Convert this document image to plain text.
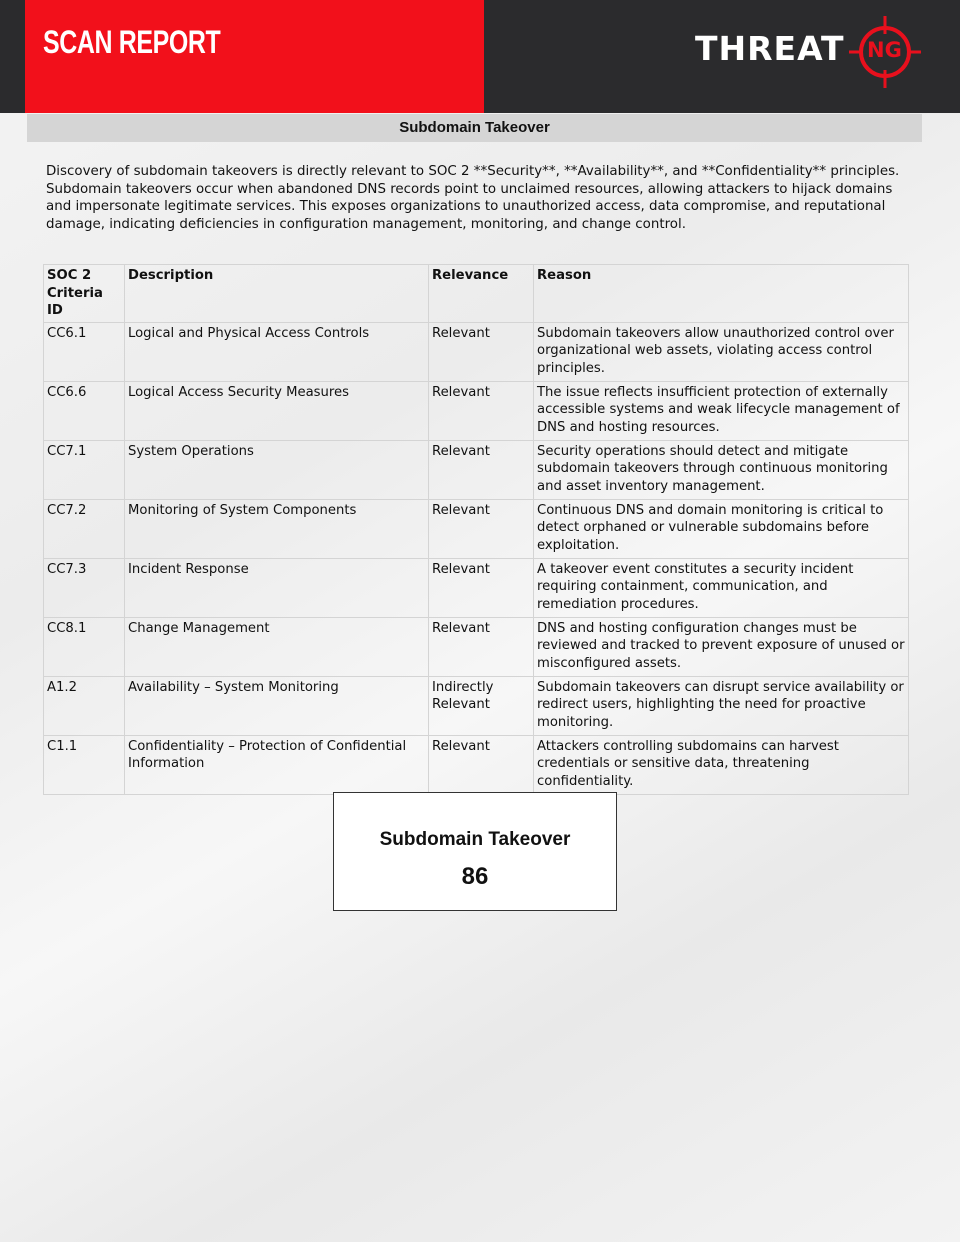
SCAN REPORT	THREAT NG
Subdomain Takeover
Discovery of subdomain takeovers is directly relevant to SOC 2 **Security**, **Availability**, and **Confidentiality** principles. Subdomain takeovers occur when abandoned DNS records point to unclaimed resources, allowing attackers to hijack domains and impersonate legitimate services. This exposes organizations to unauthorized access, data compromise, and reputational damage, indicating deficiencies in configuration management, monitoring, and change control.
SOC 2 Criteria ID	Description	Relevance	Reason
CC6.1	Logical and Physical Access Controls	Relevant	Subdomain takeovers allow unauthorized control over organizational web assets, violating access control principles.
CC6.6	Logical Access Security Measures	Relevant	The issue reflects insufficient protection of externally accessible systems and weak lifecycle management of DNS and hosting resources.
CC7.1	System Operations	Relevant	Security operations should detect and mitigate subdomain takeovers through continuous monitoring and asset inventory management.
CC7.2	Monitoring of System Components	Relevant	Continuous DNS and domain monitoring is critical to detect orphaned or vulnerable subdomains before exploitation.
CC7.3	Incident Response	Relevant	A takeover event constitutes a security incident requiring containment, communication, and remediation procedures.
CC8.1	Change Management	Relevant	DNS and hosting configuration changes must be reviewed and tracked to prevent exposure of unused or misconfigured assets.
A1.2	Availability – System Monitoring	Indirectly Relevant	Subdomain takeovers can disrupt service availability or redirect users, highlighting the need for proactive monitoring.
C1.1	Confidentiality – Protection of Confidential Information	Relevant	Attackers controlling subdomains can harvest credentials or sensitive data, threatening confidentiality.
Subdomain Takeover
86
